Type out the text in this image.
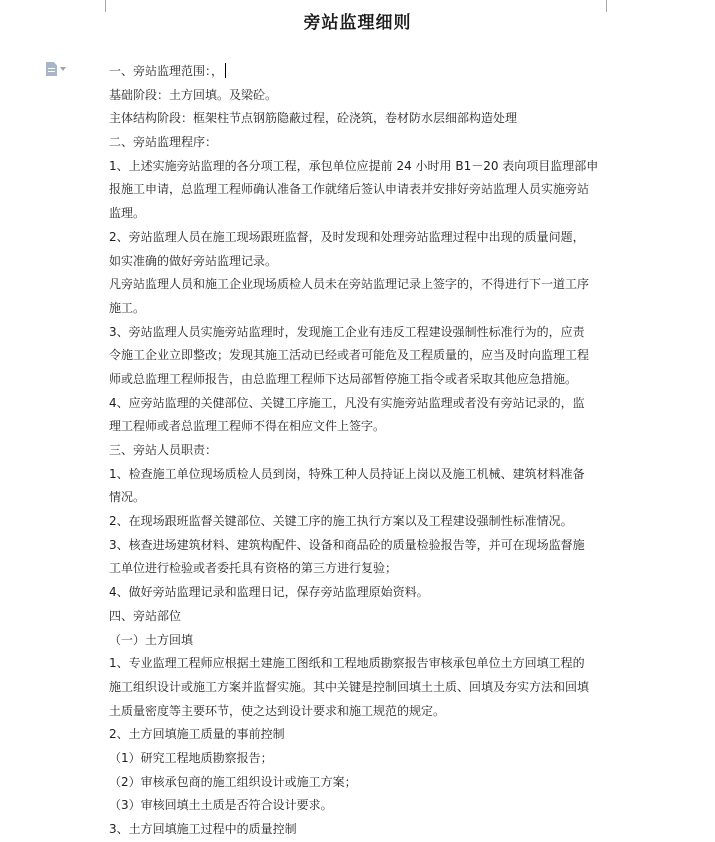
旁站监理细则
一、旁站监理范围：，
基础阶段：土方回填。及梁砼。
主体结构阶段：框架柱节点钢筋隐蔽过程，砼浇筑，卷材防水层细部构造处理
二、旁站监理程序：
1、上述实施旁站监理的各分项工程，承包单位应提前 24 小时用 B1－20 表向项目监理部申
报施工申请，总监理工程师确认准备工作就绪后签认申请表并安排好旁站监理人员实施旁站
监理。
2、旁站监理人员在施工现场跟班监督，及时发现和处理旁站监理过程中出现的质量问题，
如实准确的做好旁站监理记录。
凡旁站监理人员和施工企业现场质检人员未在旁站监理记录上签字的，不得进行下一道工序
施工。
3、旁站监理人员实施旁站监理时，发现施工企业有违反工程建设强制性标准行为的，应责
令施工企业立即整改；发现其施工活动已经或者可能危及工程质量的，应当及时向监理工程
师或总监理工程师报告，由总监理工程师下达局部暂停施工指令或者采取其他应急措施。
4、应旁站监理的关健部位、关键工序施工，凡没有实施旁站监理或者没有旁站记录的，监
理工程师或者总监理工程师不得在相应文件上签字。
三、旁站人员职责：
1、检查施工单位现场质检人员到岗，特殊工种人员持证上岗以及施工机械、建筑材料准备
情况。
2、在现场跟班监督关键部位、关键工序的施工执行方案以及工程建设强制性标准情况。
3、核查进场建筑材料、建筑构配件、设备和商品砼的质量检验报告等，并可在现场监督施
工单位进行检验或者委托具有资格的第三方进行复验；
4、做好旁站监理记录和监理日记，保存旁站监理原始资料。
四、旁站部位
（一）土方回填
1、专业监理工程师应根据土建施工图纸和工程地质勘察报告审核承包单位土方回填工程的
施工组织设计或施工方案并监督实施。其中关键是控制回填土土质、回填及夯实方法和回填
土质量密度等主要环节，使之达到设计要求和施工规范的规定。
2、土方回填施工质量的事前控制
（1）研究工程地质勘察报告；
（2）审核承包商的施工组织设计或施工方案；
（3）审核回填土土质是否符合设计要求。
3、土方回填施工过程中的质量控制
